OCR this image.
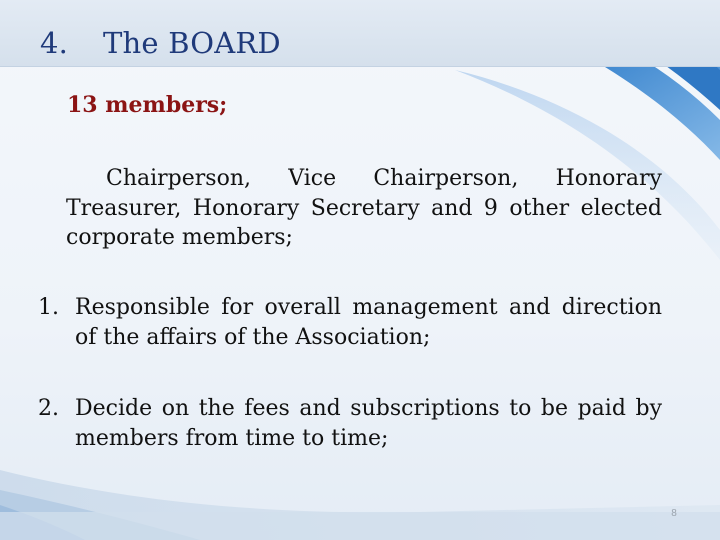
4. The BOARD

13 members;

Chairperson, Vice Chairperson, Honorary Treasurer, Honorary Secretary and 9 other elected corporate members;

1. Responsible for overall management and direction of the affairs of the Association;
2. Decide on the fees and subscriptions to be paid by members from time to time;
8
